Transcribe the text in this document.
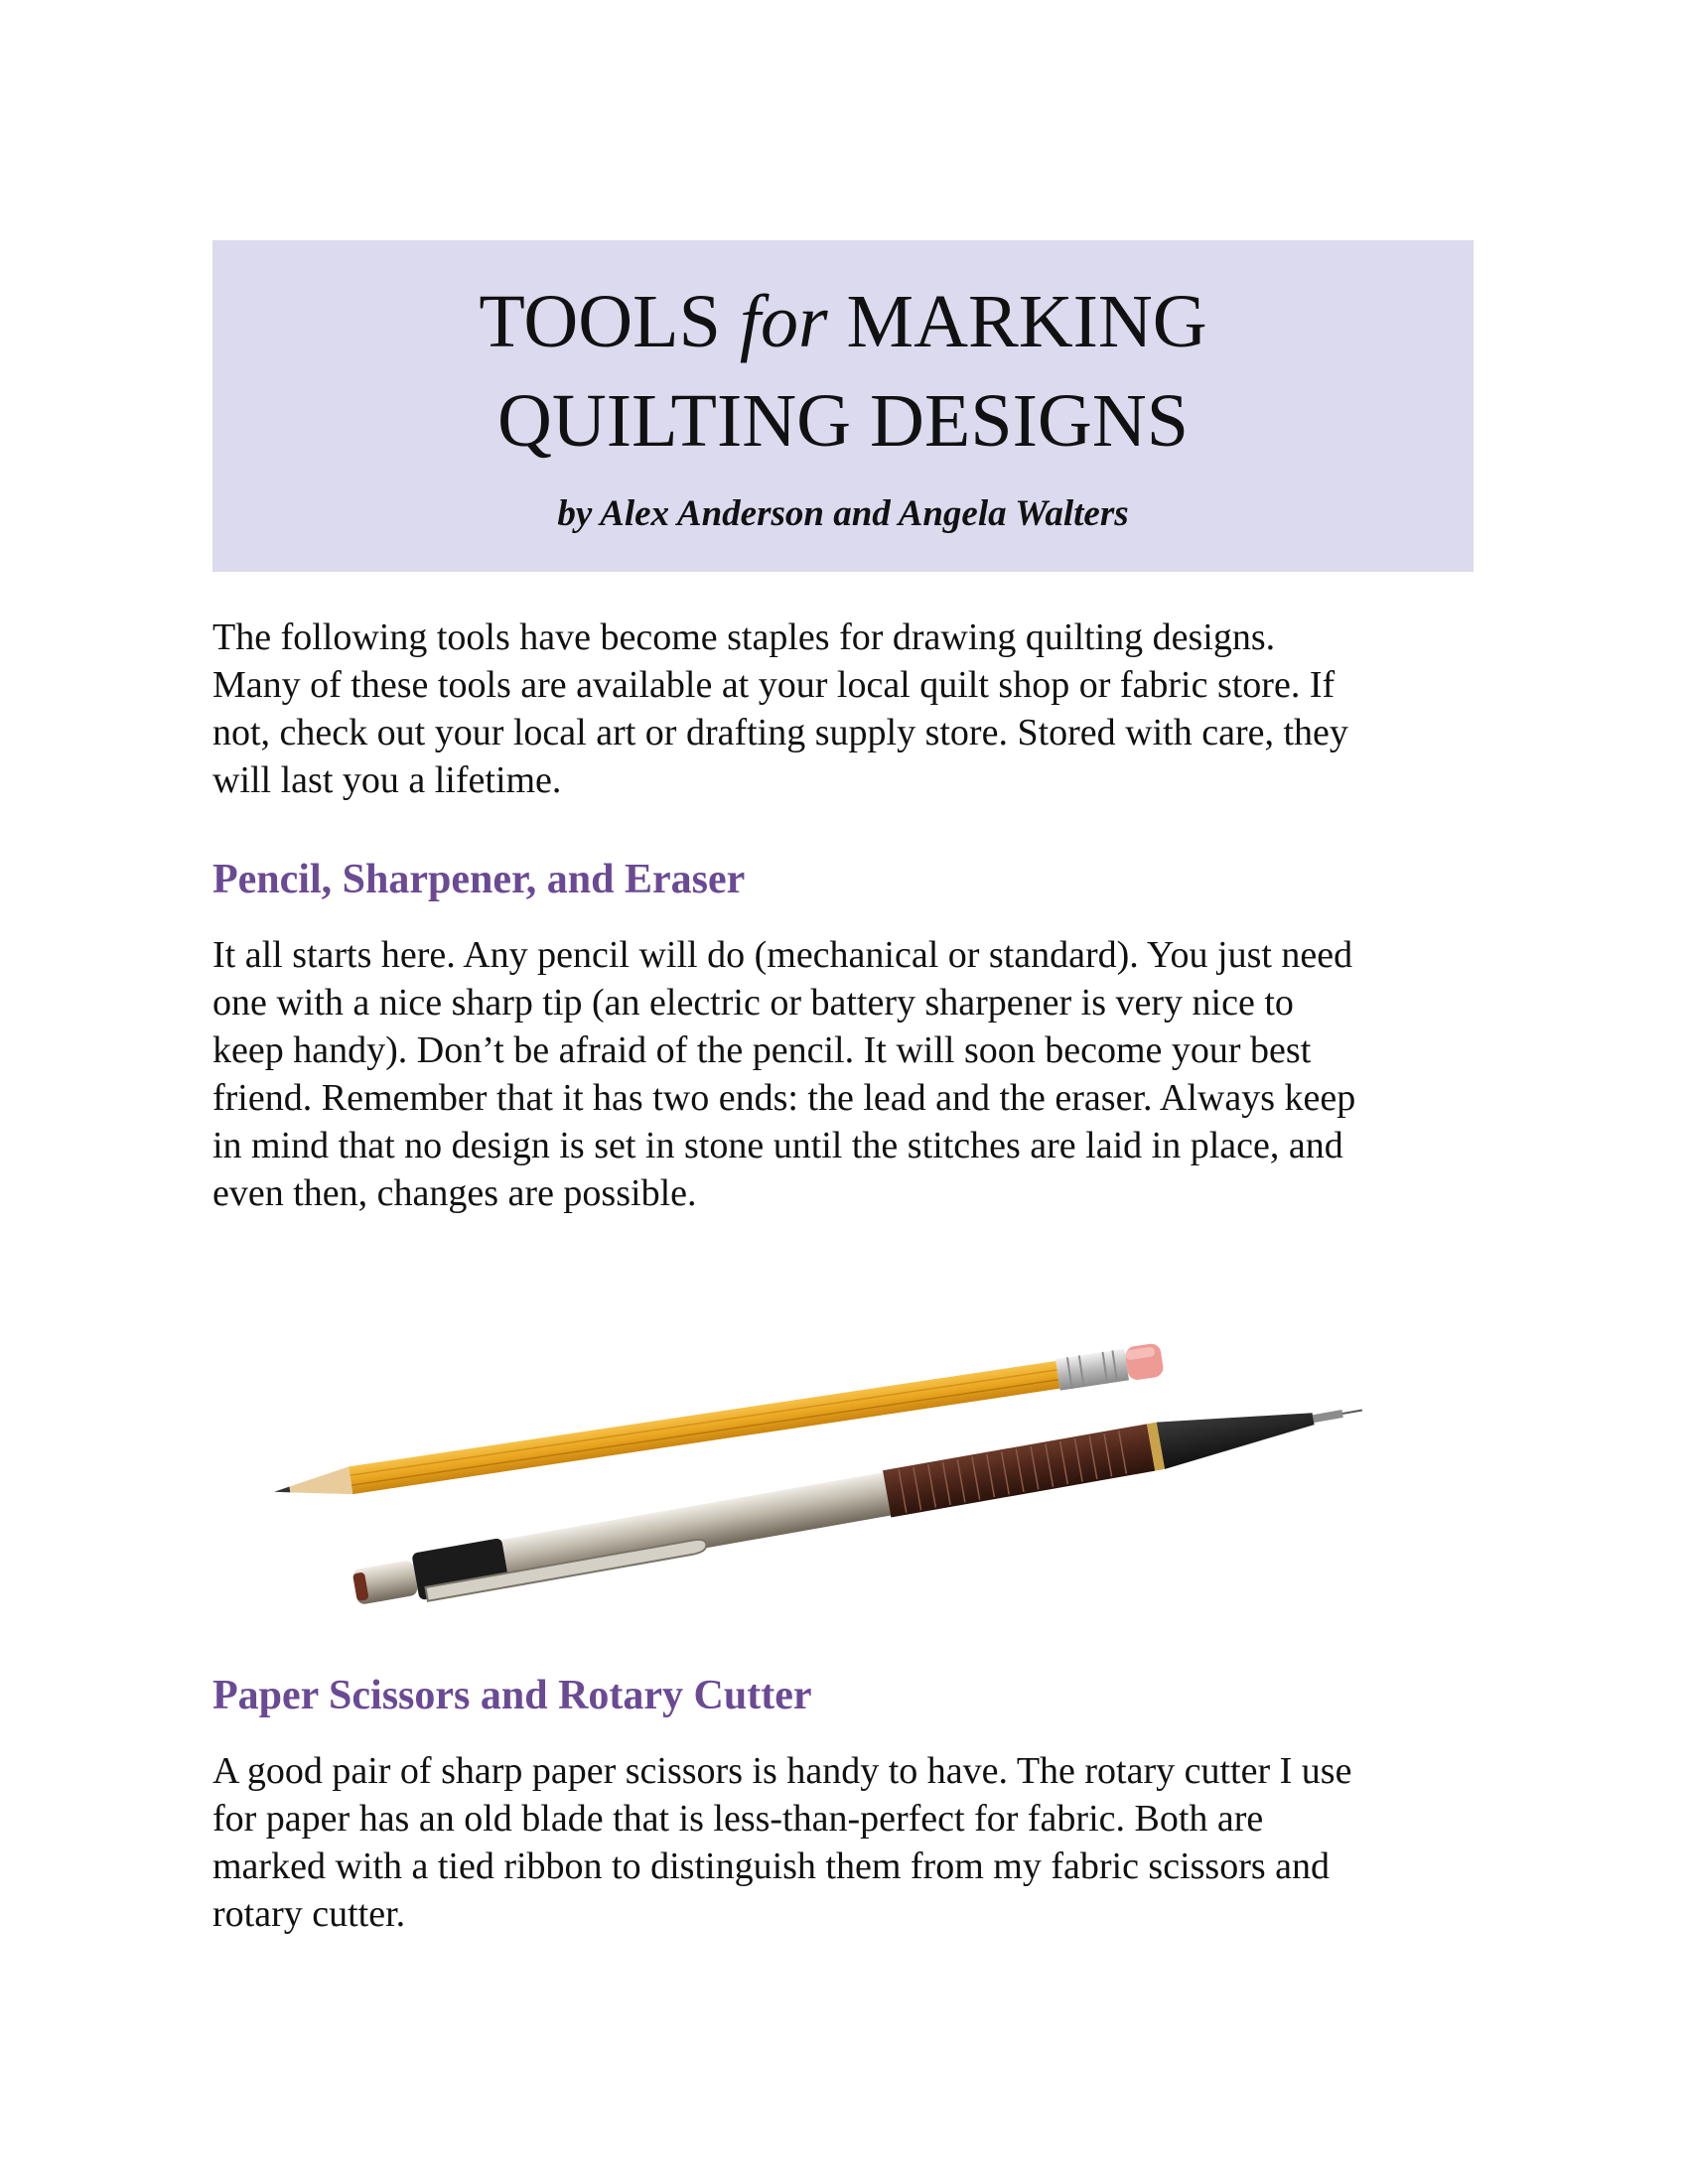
TOOLS for MARKING
QUILTING DESIGNS
by Alex Anderson and Angela Walters

The following tools have become staples for drawing quilting designs.
Many of these tools are available at your local quilt shop or fabric store. If
not, check out your local art or drafting supply store. Stored with care, they
will last you a lifetime.

Pencil, Sharpener, and Eraser

It all starts here. Any pencil will do (mechanical or standard). You just need
one with a nice sharp tip (an electric or battery sharpener is very nice to
keep handy). Don’t be afraid of the pencil. It will soon become your best
friend. Remember that it has two ends: the lead and the eraser. Always keep
in mind that no design is set in stone until the stitches are laid in place, and
even then, changes are possible.

Paper Scissors and Rotary Cutter

A good pair of sharp paper scissors is handy to have. The rotary cutter I use
for paper has an old blade that is less-than-perfect for fabric. Both are
marked with a tied ribbon to distinguish them from my fabric scissors and
rotary cutter.
